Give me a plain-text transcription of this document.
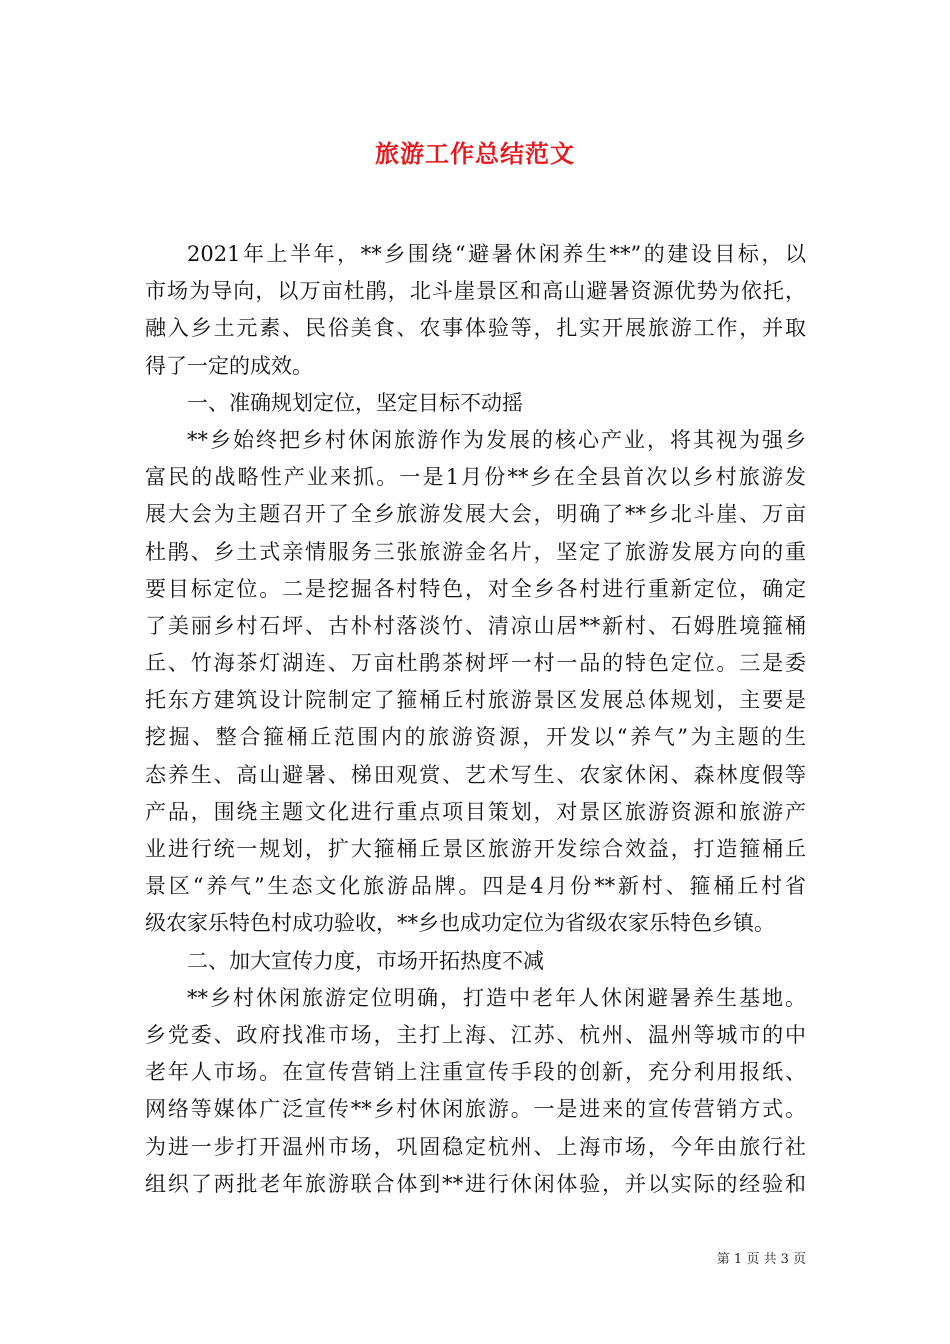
旅游工作总结范文
2021年上半年，**乡围绕“避暑休闲养生**”的建设目标，以
市场为导向，以万亩杜鹃，北斗崖景区和高山避暑资源优势为依托，
融入乡土元素、民俗美食、农事体验等，扎实开展旅游工作，并取
得了一定的成效。
一、准确规划定位，坚定目标不动摇
**乡始终把乡村休闲旅游作为发展的核心产业，将其视为强乡
富民的战略性产业来抓。一是1月份**乡在全县首次以乡村旅游发
展大会为主题召开了全乡旅游发展大会，明确了**乡北斗崖、万亩
杜鹃、乡土式亲情服务三张旅游金名片，坚定了旅游发展方向的重
要目标定位。二是挖掘各村特色，对全乡各村进行重新定位，确定
了美丽乡村石坪、古朴村落淡竹、清凉山居**新村、石姆胜境箍桶
丘、竹海茶灯湖连、万亩杜鹃茶树坪一村一品的特色定位。三是委
托东方建筑设计院制定了箍桶丘村旅游景区发展总体规划，主要是
挖掘、整合箍桶丘范围内的旅游资源，开发以“养气”为主题的生
态养生、高山避暑、梯田观赏、艺术写生、农家休闲、森林度假等
产品，围绕主题文化进行重点项目策划，对景区旅游资源和旅游产
业进行统一规划，扩大箍桶丘景区旅游开发综合效益，打造箍桶丘
景区“养气”生态文化旅游品牌。四是4月份**新村、箍桶丘村省
级农家乐特色村成功验收，**乡也成功定位为省级农家乐特色乡镇。
二、加大宣传力度，市场开拓热度不减
**乡村休闲旅游定位明确，打造中老年人休闲避暑养生基地。
乡党委、政府找准市场，主打上海、江苏、杭州、温州等城市的中
老年人市场。在宣传营销上注重宣传手段的创新，充分利用报纸、
网络等媒体广泛宣传**乡村休闲旅游。一是进来的宣传营销方式。
为进一步打开温州市场，巩固稳定杭州、上海市场，今年由旅行社
组织了两批老年旅游联合体到**进行休闲体验，并以实际的经验和
第 1 页 共 3 页
